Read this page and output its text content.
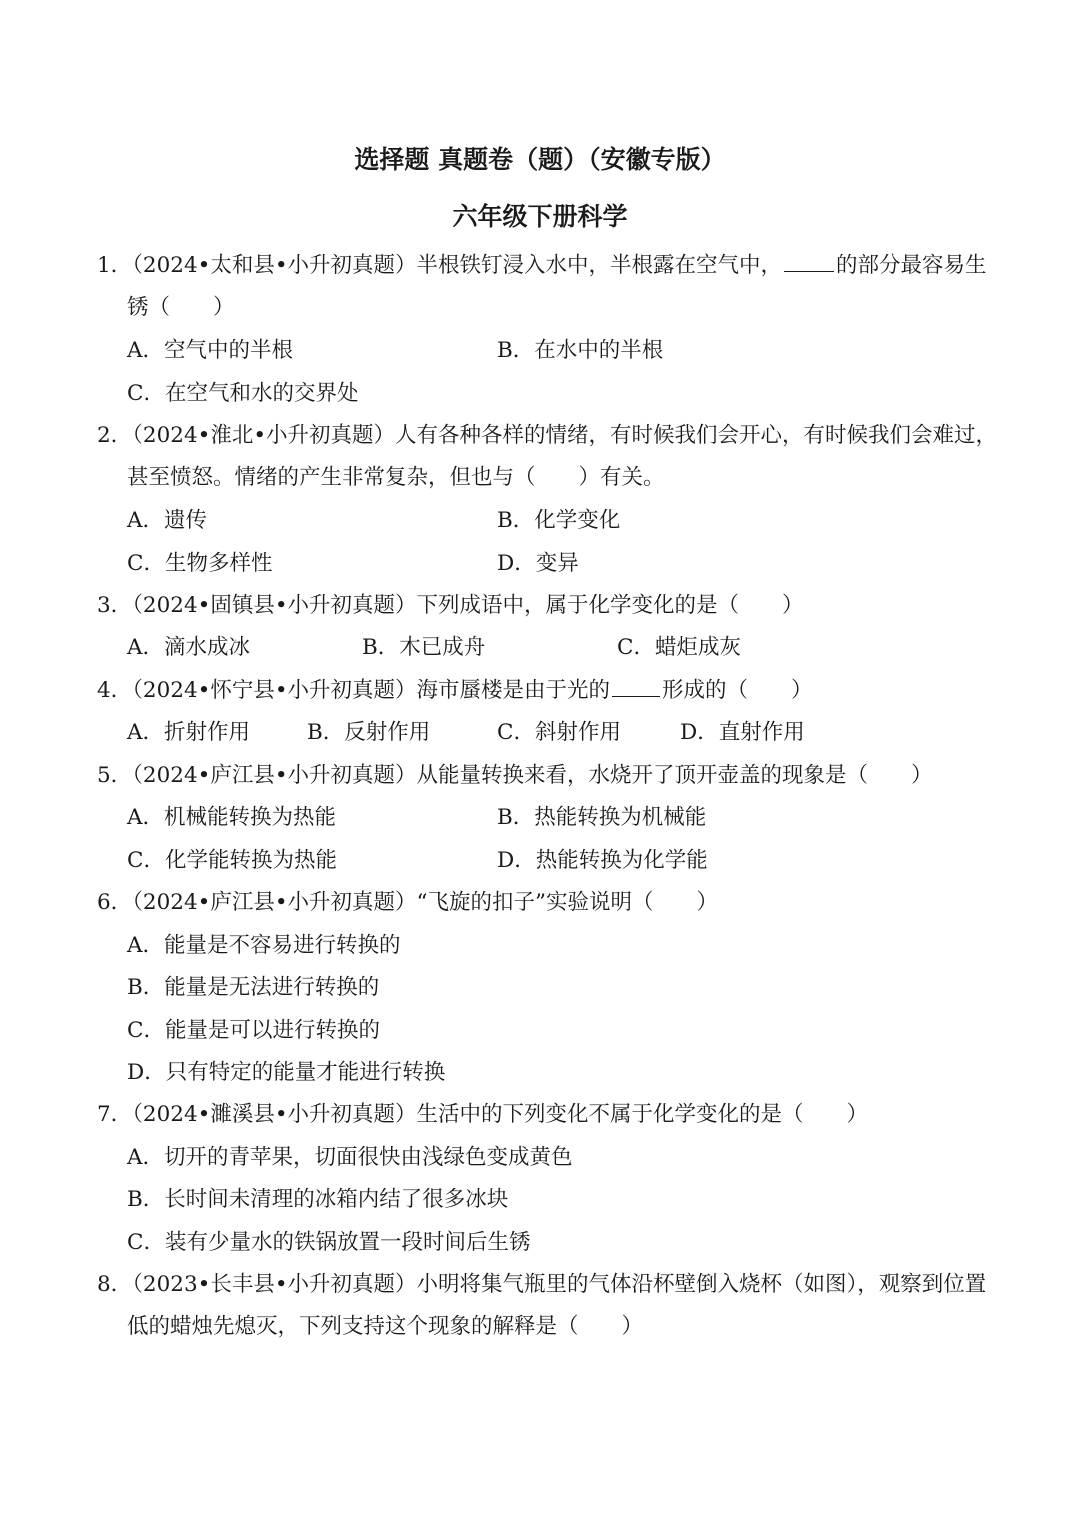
选择题 真题卷（题）（安徽专版）
六年级下册科学
1．（2024•太和县•小升初真题）半根铁钉浸入水中，半根露在空气中，	的部分最容易生
锈（　　）
A．空气中的半根	B．在水中的半根
C．在空气和水的交界处
2．（2024•淮北•小升初真题）人有各种各样的情绪，有时候我们会开心，有时候我们会难过，
甚至愤怒。情绪的产生非常复杂，但也与（　　）有关。
A．遗传	B．化学变化
C．生物多样性	D．变异
3．（2024•固镇县•小升初真题）下列成语中，属于化学变化的是（　　）
A．滴水成冰	B．木已成舟	C．蜡炬成灰
4．（2024•怀宁县•小升初真题）海市蜃楼是由于光的 形成的（　　）
A．折射作用	B．反射作用	C．斜射作用	D．直射作用
5．（2024•庐江县•小升初真题）从能量转换来看，水烧开了顶开壶盖的现象是（　　）
A．机械能转换为热能	B．热能转换为机械能
C．化学能转换为热能	D．热能转换为化学能
6．（2024•庐江县•小升初真题）“飞旋的扣子”实验说明（　　）
A．能量是不容易进行转换的
B．能量是无法进行转换的
C．能量是可以进行转换的
D．只有特定的能量才能进行转换
7．（2024•濉溪县•小升初真题）生活中的下列变化不属于化学变化的是（　　）
A．切开的青苹果，切面很快由浅绿色变成黄色
B．长时间未清理的冰箱内结了很多冰块
C．装有少量水的铁锅放置一段时间后生锈
8．（2023•长丰县•小升初真题）小明将集气瓶里的气体沿杯壁倒入烧杯（如图），观察到位置
低的蜡烛先熄灭，下列支持这个现象的解释是（　　）
